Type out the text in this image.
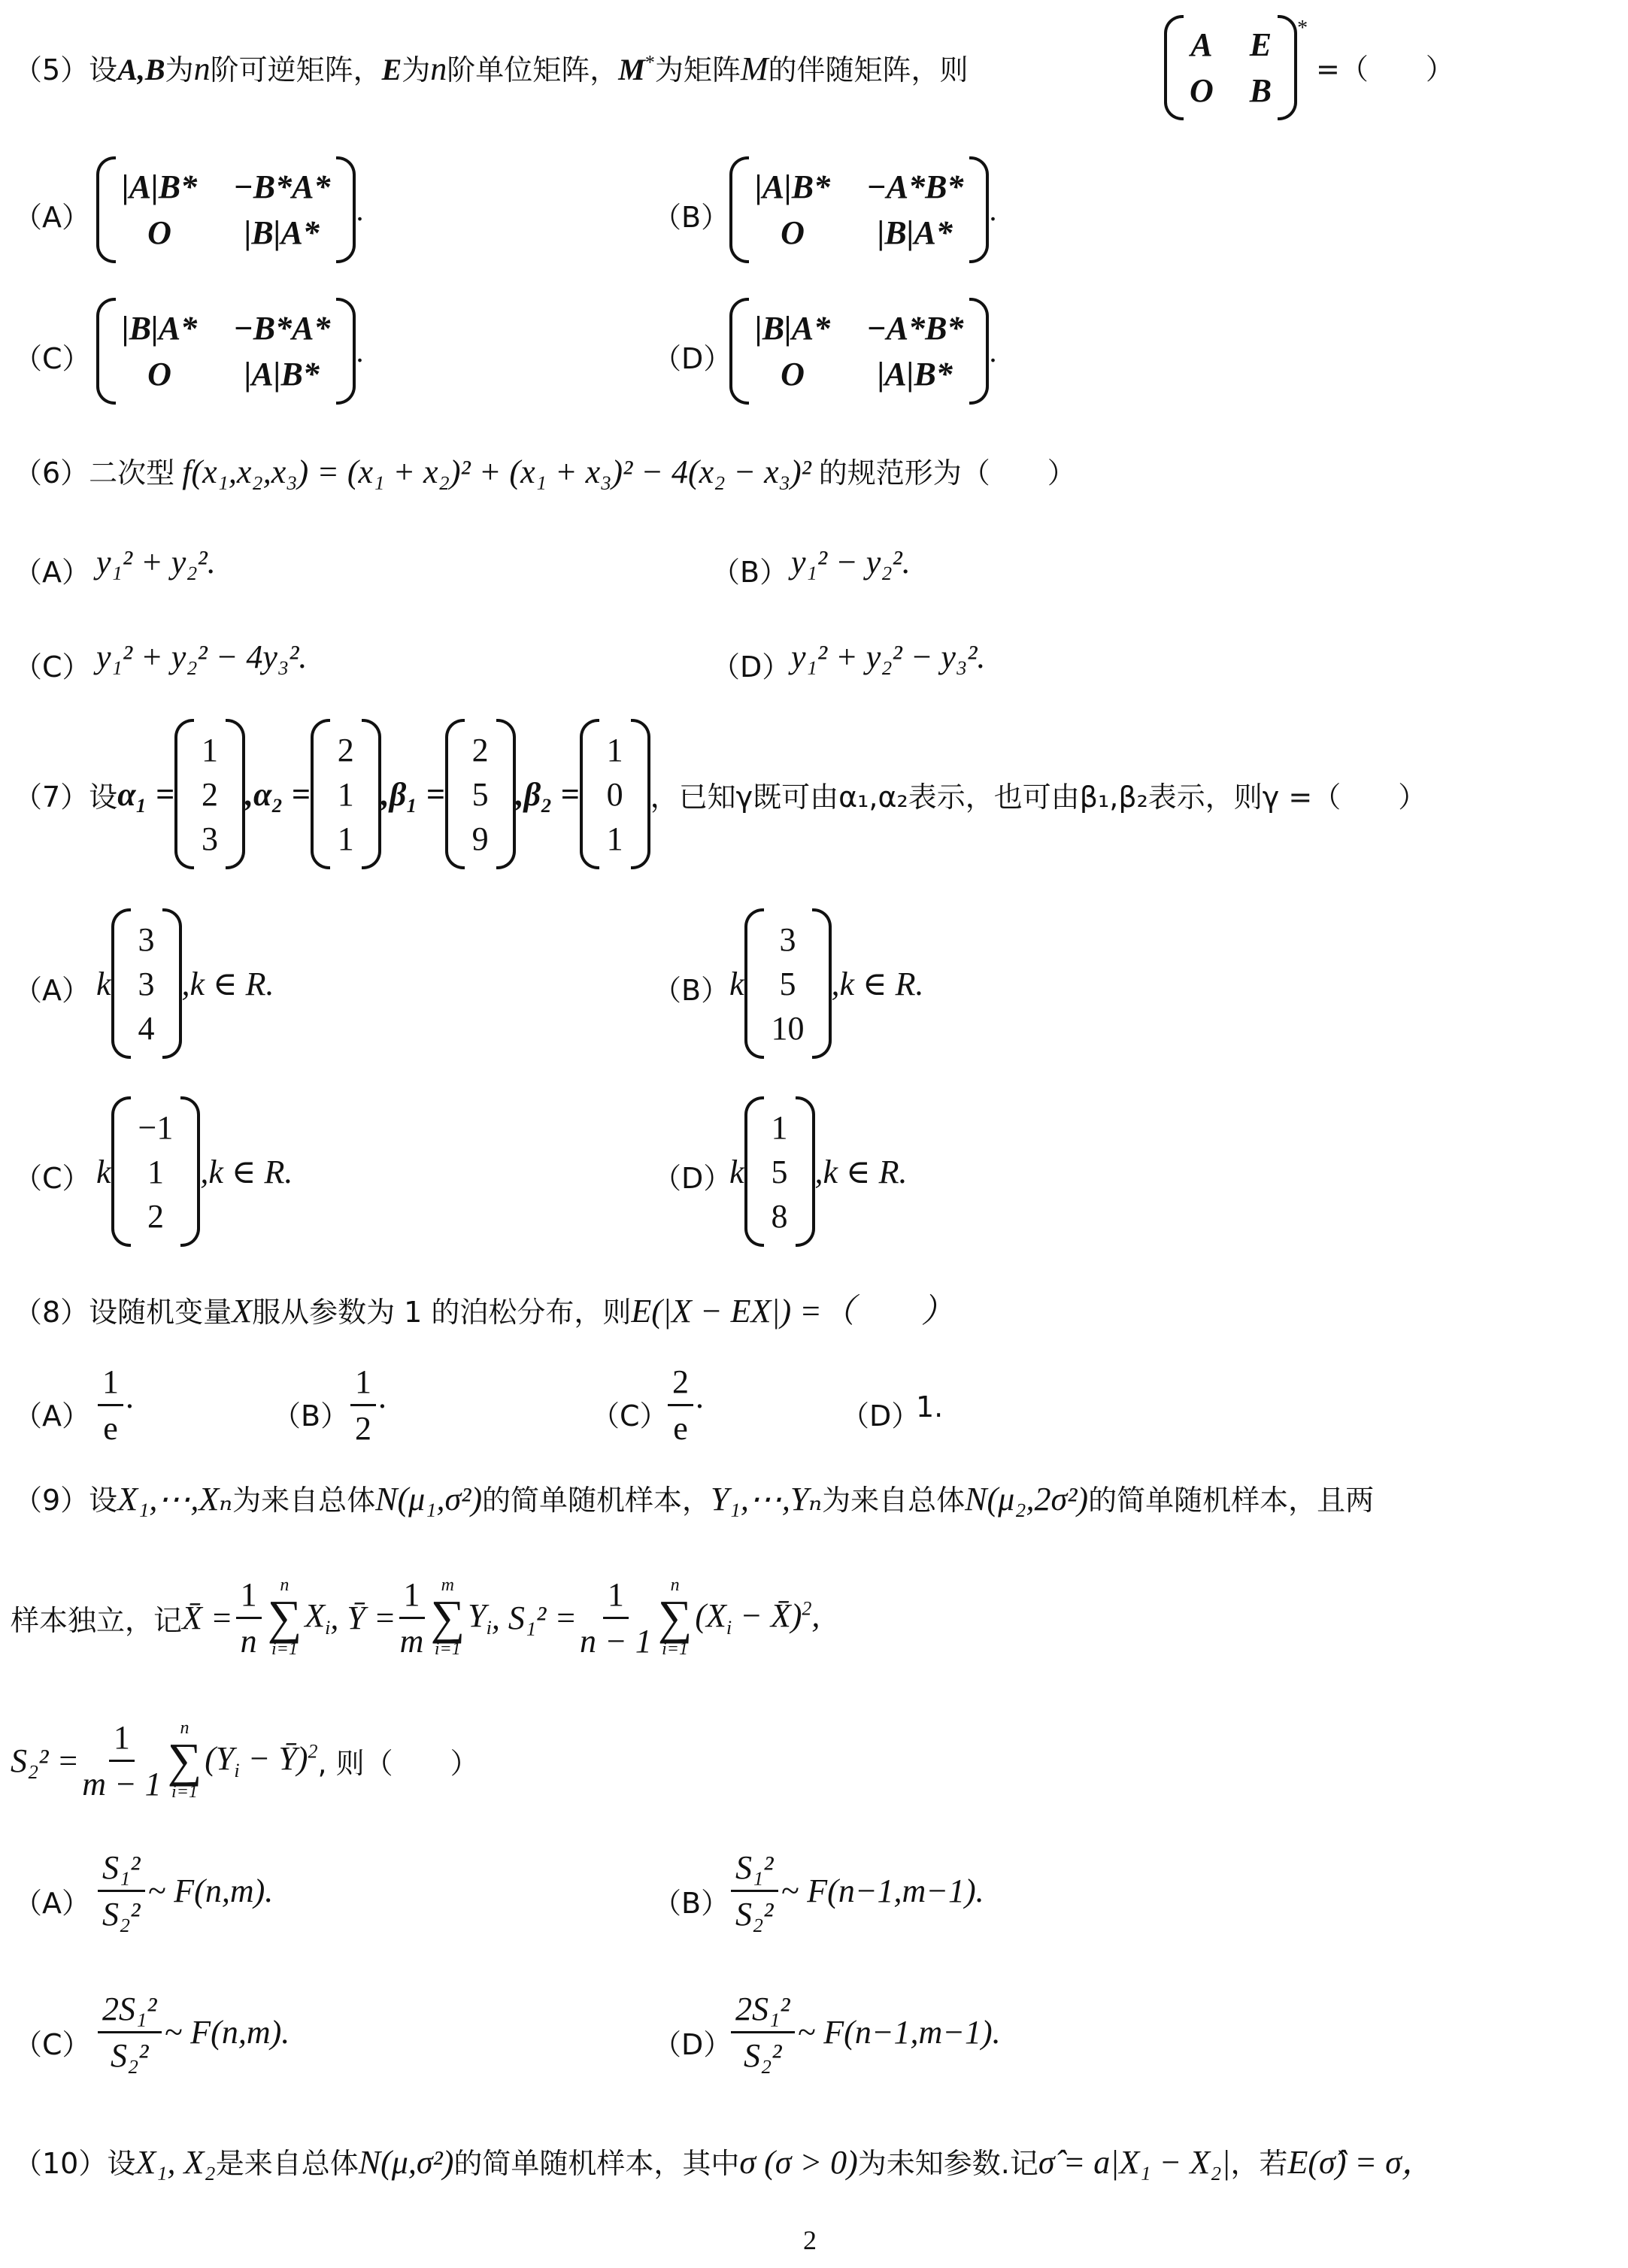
（5）设A,B为n阶可逆矩阵，E为n阶单位矩阵，M*为矩阵M的伴随矩阵，则
A E
O B
*
=（　　）
（A）
|A|B* −B*A*
O	|B|A*
.	（B）
|A|B* −A*B*
O	|B|A*
.
（C）
|B|A* −B*A*
O	|A|B*
.	（D）
|B|A* −A*B*
O	|A|B*
.
（6）二次型 f(x₁,x₂,x₃) = (x₁ + x₂)² + (x₁ + x₃)² − 4(x₂ − x₃)² 的规范形为（　　）
（A） y₁² + y₂².	（B） y₁² − y₂².
（C） y₁² + y₂² − 4y₃².	（D） y₁² + y₂² − y₃².
（7）设 α₁ =
1
2
3
,α₂ =
2
1
1
,β₁ =
2
5
9
,β₂ =
1
0
1
，已知γ既可由α₁,α₂表示，也可由β₁,β₂表示，则γ =（　　）
（A） k
3
3
4
,k ∈ R.	（B） k
3
5
10
,k ∈ R.
（C） k
−1
1
2
,k ∈ R.	（D）
k
1
5
8
,k ∈ R.
（8）设随机变量X服从参数为 1 的泊松分布，则E(|X − EX|) =（　　）
$(A) \frac{1}{e}$ .
$(B) \frac{1}{2}$ .
$(C) \frac{2}{e}$ .
（D）
1.
（9）设X₁,⋯,Xₙ为来自总体N(μ₁,σ²)的简单随机样本，Y₁,⋯,Yₙ为来自总体N(μ₂,2σ²)的简单随机样本，且两
样本独立，记 X̄ = $\frac{1}{n}$ n
∑
i=1
$X_i$ , Ȳ = $\frac{1}{m}$ m
∑
i=1
$Y_i$ , $S_1^2 = \frac{1}{n - 1}$ n
∑
i=1
($X_i$ − X̄)$^2$,
$S_2^2 = \frac{1}{m - 1}$ n
∑
i=1
($Y_i$ − Ȳ)$^2$ , 则（　　）
$(A) \frac{\text{S₁²}}{\text{S₂²}}$ ~ F(n,m).	$(B) \frac{\text{S₁²}}{\text{S₂²}}$ ~ F(n−1,m−1).
$(C) \frac{\text{2S₁²}}{\text{S₂²}}$ ~ F(n,m).	（D）
$\frac{\text{2S₁²}}{\text{S₂²}}$ ~ F(n−1,m−1).
（10）设X₁, X₂是来自总体N(μ,σ²)的简单随机样本，其中σ (σ > 0)为未知参数.记σ̂ = a|X₁ − X₂|，若E(σ̂) = σ，
2
